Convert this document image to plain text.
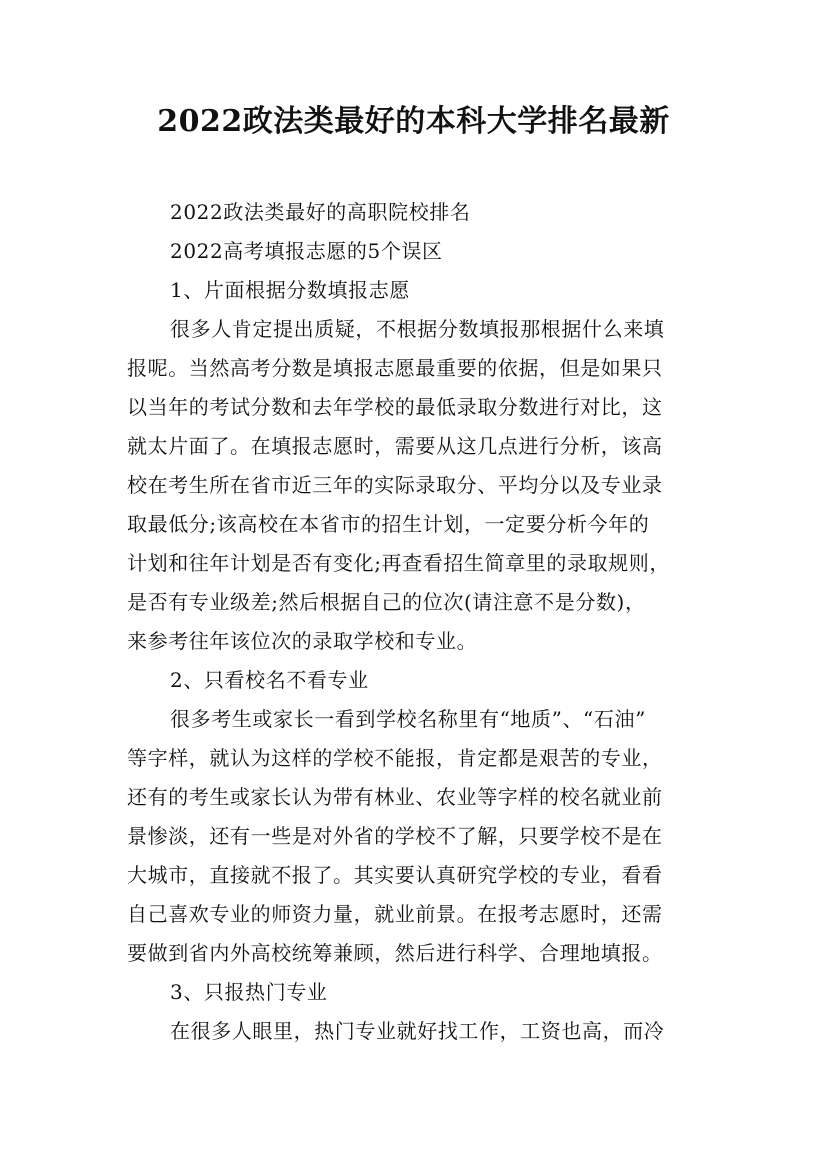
2022政法类最好的本科大学排名最新

2022政法类最好的高职院校排名

2022高考填报志愿的5个误区

1、片面根据分数填报志愿

很多人肯定提出质疑，不根据分数填报那根据什么来填

报呢。当然高考分数是填报志愿最重要的依据，但是如果只

以当年的考试分数和去年学校的最低录取分数进行对比，这

就太片面了。在填报志愿时，需要从这几点进行分析，该高

校在考生所在省市近三年的实际录取分、平均分以及专业录

取最低分;该高校在本省市的招生计划，一定要分析今年的

计划和往年计划是否有变化;再查看招生简章里的录取规则，

是否有专业级差;然后根据自己的位次(请注意不是分数)，

来参考往年该位次的录取学校和专业。

2、只看校名不看专业

很多考生或家长一看到学校名称里有“地质”、“石油”

等字样，就认为这样的学校不能报，肯定都是艰苦的专业，

还有的考生或家长认为带有林业、农业等字样的校名就业前

景惨淡，还有一些是对外省的学校不了解，只要学校不是在

大城市，直接就不报了。其实要认真研究学校的专业，看看

自己喜欢专业的师资力量，就业前景。在报考志愿时，还需

要做到省内外高校统筹兼顾，然后进行科学、合理地填报。

3、只报热门专业

在很多人眼里，热门专业就好找工作，工资也高，而冷
